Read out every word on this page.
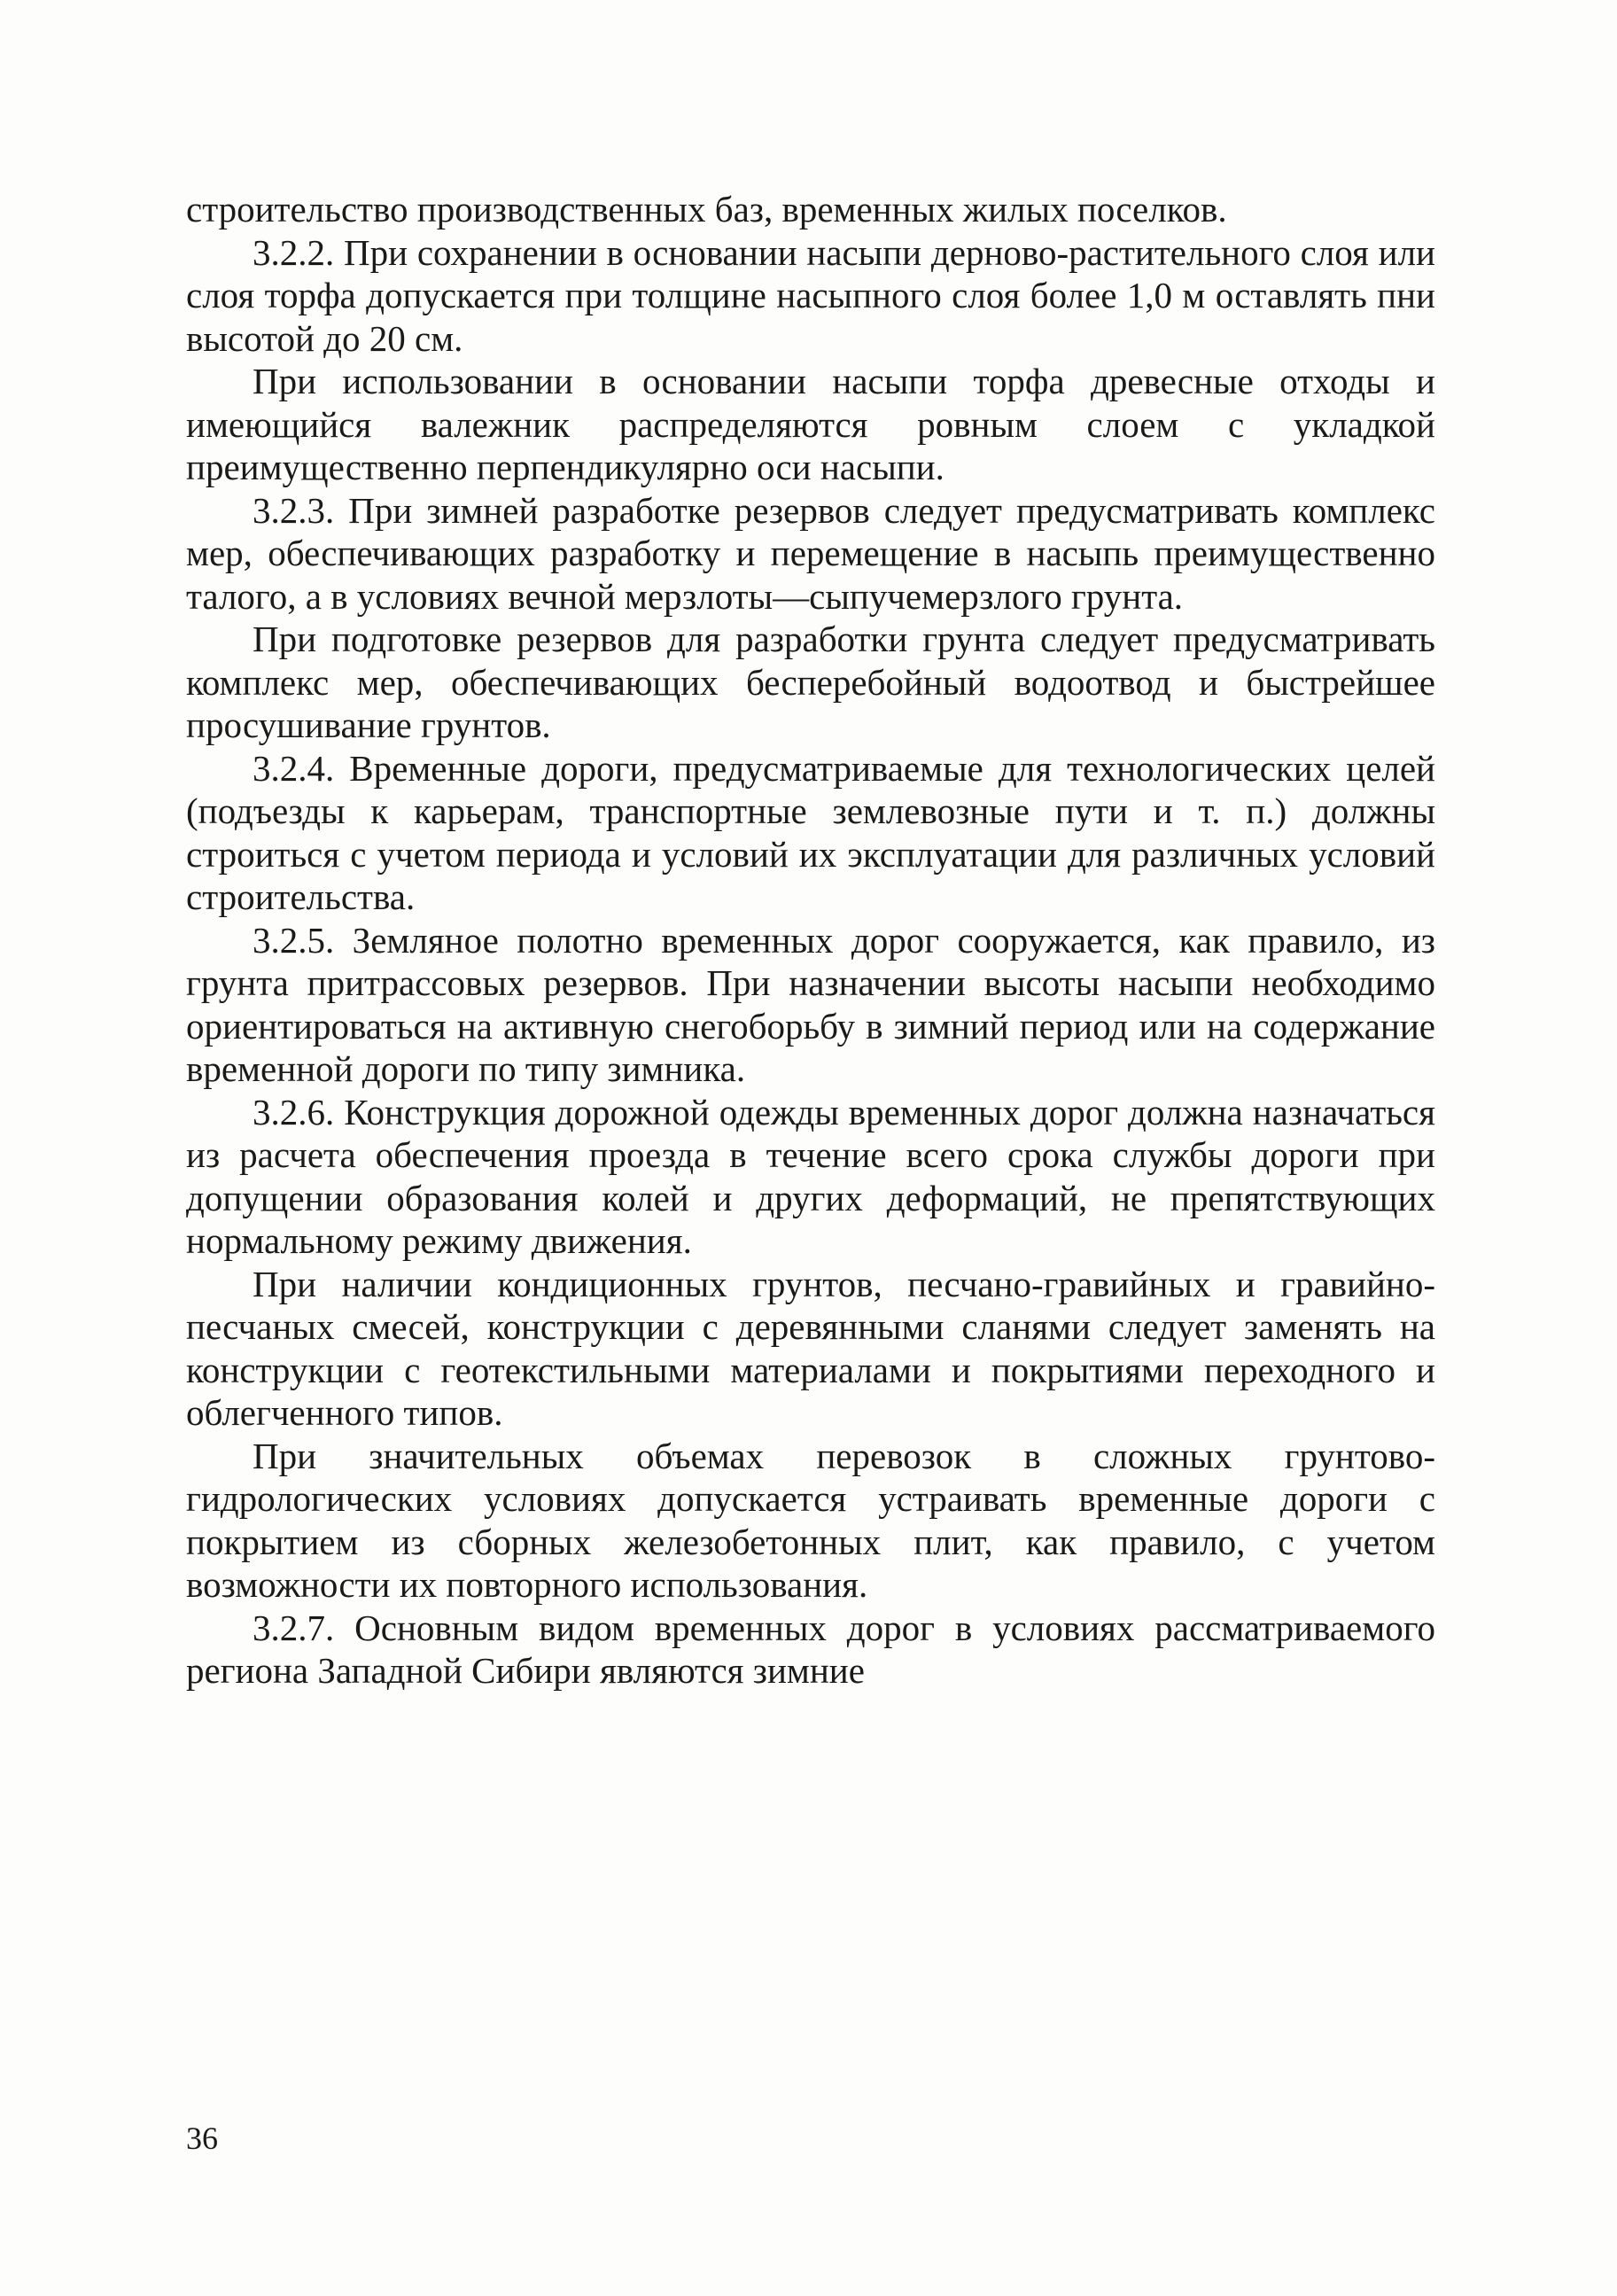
строительство производственных баз, временных жилых поселков.

3.2.2. При сохранении в основании насыпи дерново-растительного слоя или слоя торфа допускается при толщине насыпного слоя более 1,0 м оставлять пни высотой до 20 см.

При использовании в основании насыпи торфа древесные отходы и имеющийся валежник распределяются ровным слоем с укладкой преимущественно перпендикулярно оси насыпи.

3.2.3. При зимней разработке резервов следует предусматривать комплекс мер, обеспечивающих разработку и перемещение в насыпь преимущественно талого, а в условиях вечной мерзлоты—сыпучемерзлого грунта.

При подготовке резервов для разработки грунта следует предусматривать комплекс мер, обеспечивающих бесперебойный водоотвод и быстрейшее просушивание грунтов.

3.2.4. Временные дороги, предусматриваемые для технологических целей (подъезды к карьерам, транспортные землевозные пути и т. п.) должны строиться с учетом периода и условий их эксплуатации для различных условий строительства.

3.2.5. Земляное полотно временных дорог сооружается, как правило, из грунта притрассовых резервов. При назначении высоты насыпи необходимо ориентироваться на активную снегоборьбу в зимний период или на содержание временной дороги по типу зимника.

3.2.6. Конструкция дорожной одежды временных дорог должна назначаться из расчета обеспечения проезда в течение всего срока службы дороги при допущении образования колей и других деформаций, не препятствующих нормальному режиму движения.

При наличии кондиционных грунтов, песчано-гравийных и гравийно-песчаных смесей, конструкции с деревянными сланями следует заменять на конструкции с геотекстильными материалами и покрытиями переходного и облегченного типов.

При значительных объемах перевозок в сложных грунтово-гидрологических условиях допускается устраивать временные дороги с покрытием из сборных железобетонных плит, как правило, с учетом возможности их повторного использования.

3.2.7. Основным видом временных дорог в условиях рассматриваемого региона Западной Сибири являются зимние

36
